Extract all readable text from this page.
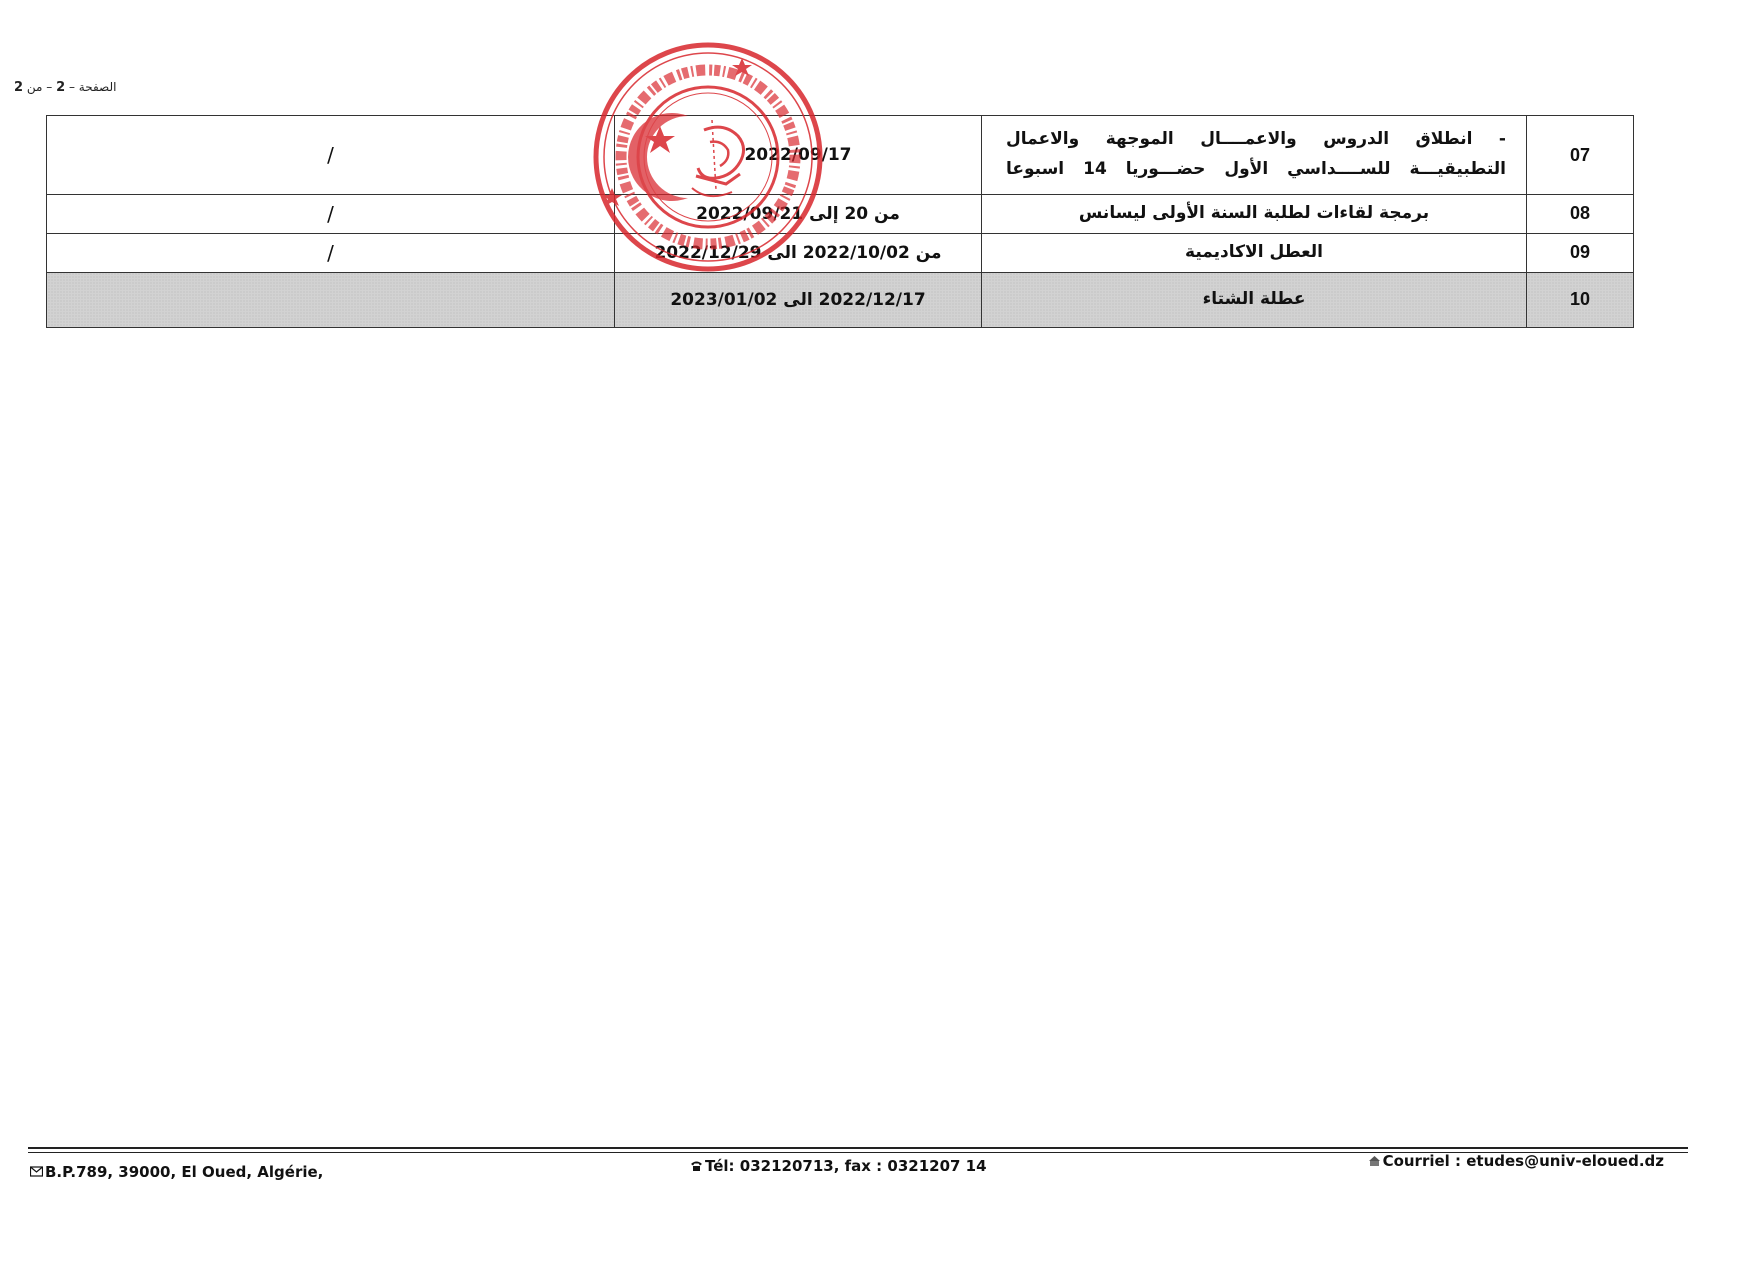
الصفحة – 2 – من 2
07	- انطلاق الدروس والاعمــــال الموجهة والاعمال
التطبيقيـــة للســــداسي الأول حضـــوريا 14 اسبوعا	2022/09/17	/
08	برمجة لقاءات لطلبة السنة الأولى ليسانس	من 20 إلى 2022/09/21	/
09	العطل الاكاديمية	من 2022/10/02 الى 2022/12/29	/
10	عطلة الشتاء	2022/12/17 الى 2023/01/02	
B.P.789, 39000, El Oued, Algérie,	Tél: 032120713, fax : 0321207 14	Courriel : etudes@univ-eloued.dz
